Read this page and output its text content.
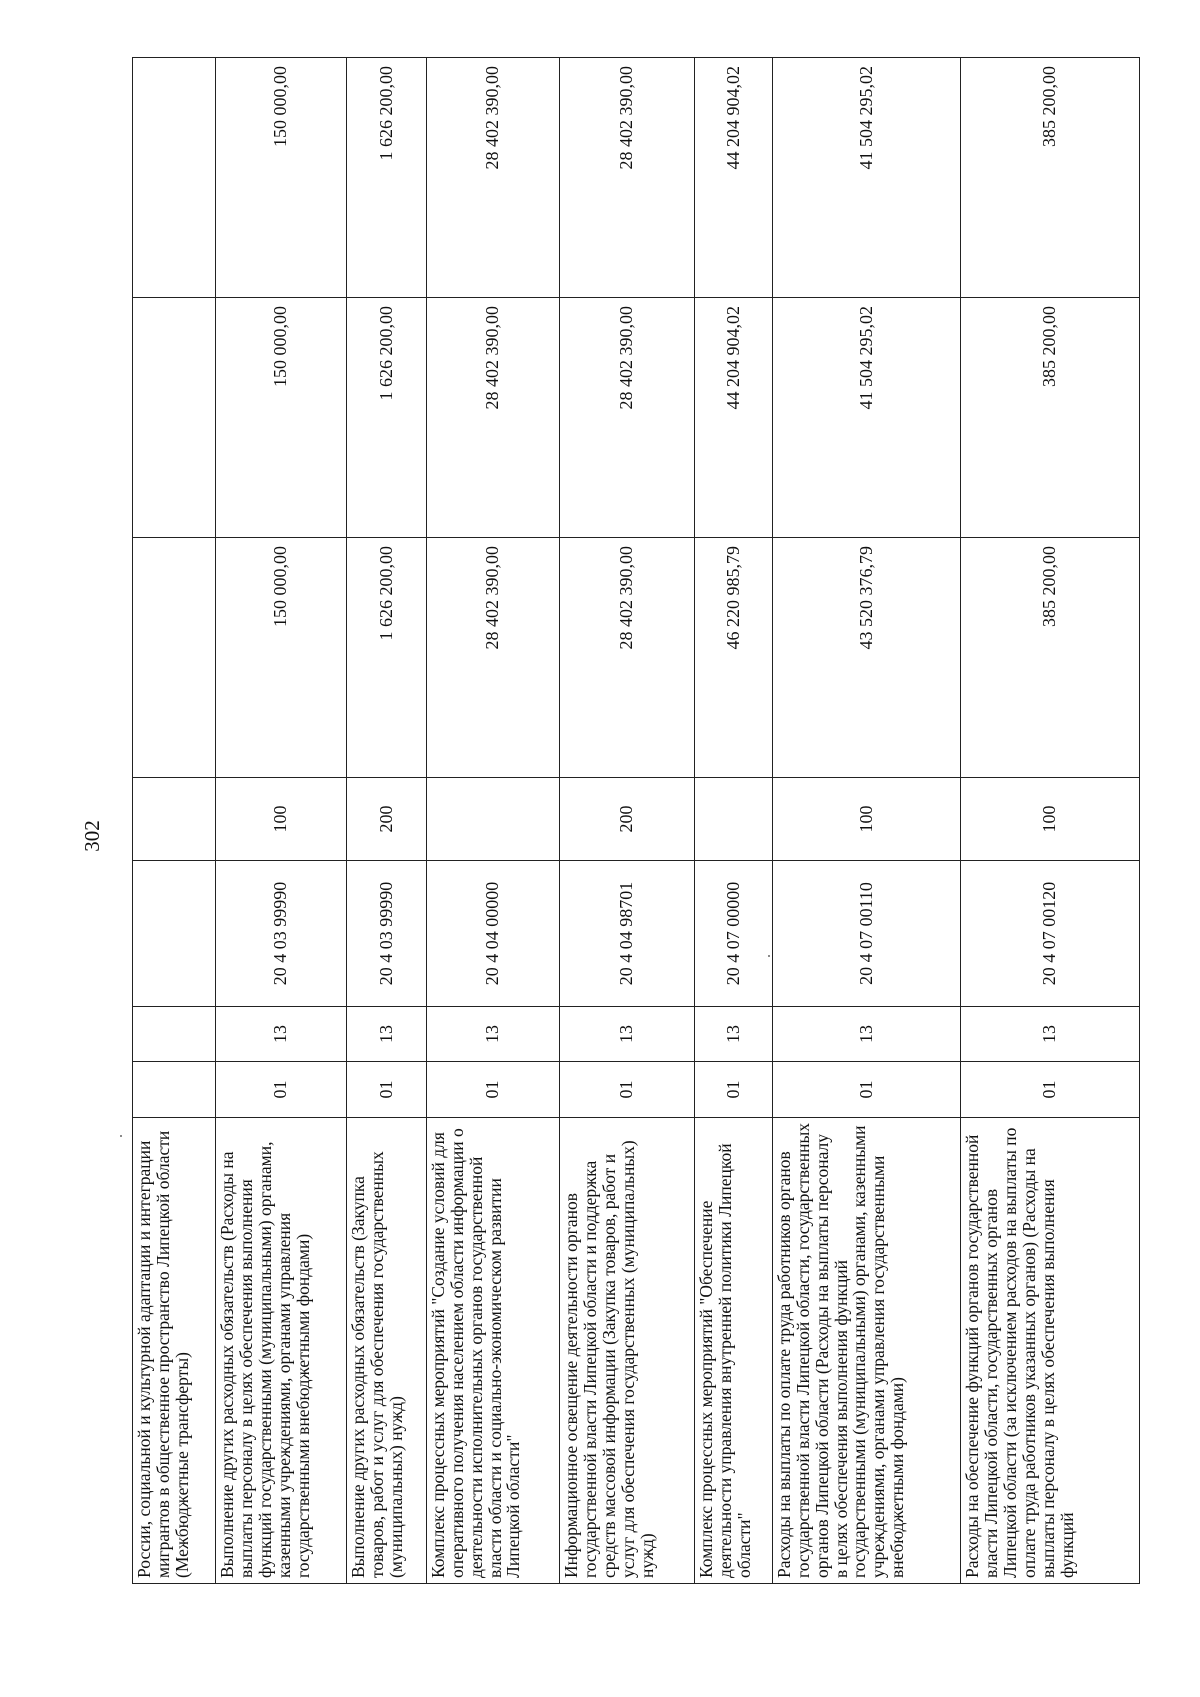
302
России, социальной и культурной адаптации и интеграции мигрантов в общественное пространство Липецкой области (Межбюджетные трансферты)							
Выполнение других расходных обязательств (Расходы на выплаты персоналу в целях обеспечения выполнения функций государственными (муниципальными) органами, казенными учреждениями, органами управления государственными внебюджетными фондами)	01	13	20 4 03 99990	100	150 000,00	150 000,00	150 000,00
Выполнение других расходных обязательств (Закупка товаров, работ и услуг для обеспечения государственных (муниципальных) нужд)	01	13	20 4 03 99990	200	1 626 200,00	1 626 200,00	1 626 200,00
Комплекс процессных мероприятий "Создание условий для оперативного получения населением области информации о деятельности исполнительных органов государственной власти области и социально-экономическом развитии Липецкой области"	01	13	20 4 04 00000		28 402 390,00	28 402 390,00	28 402 390,00
Информационное освещение деятельности органов государственной власти Липецкой области и поддержка средств массовой информации (Закупка товаров, работ и услуг для обеспечения государственных (муниципальных) нужд)	01	13	20 4 04 98701	200	28 402 390,00	28 402 390,00	28 402 390,00
Комплекс процессных мероприятий "Обеспечение деятельности управления внутренней политики Липецкой области"	01	13	20 4 07 00000		46 220 985,79	44 204 904,02	44 204 904,02
Расходы на выплаты по оплате труда работников органов государственной власти Липецкой области, государственных органов Липецкой области (Расходы на выплаты персоналу в целях обеспечения выполнения функций государственными (муниципальными) органами, казенными учреждениями, органами управления государственными внебюджетными фондами)	01	13	20 4 07 00110	100	43 520 376,79	41 504 295,02	41 504 295,02
Расходы на обеспечение функций органов государственной власти Липецкой области, государственных органов Липецкой области (за исключением расходов на выплаты по оплате труда работников указанных органов) (Расходы на выплаты персоналу в целях обеспечения выполнения функций	01	13	20 4 07 00120	100	385 200,00	385 200,00	385 200,00
